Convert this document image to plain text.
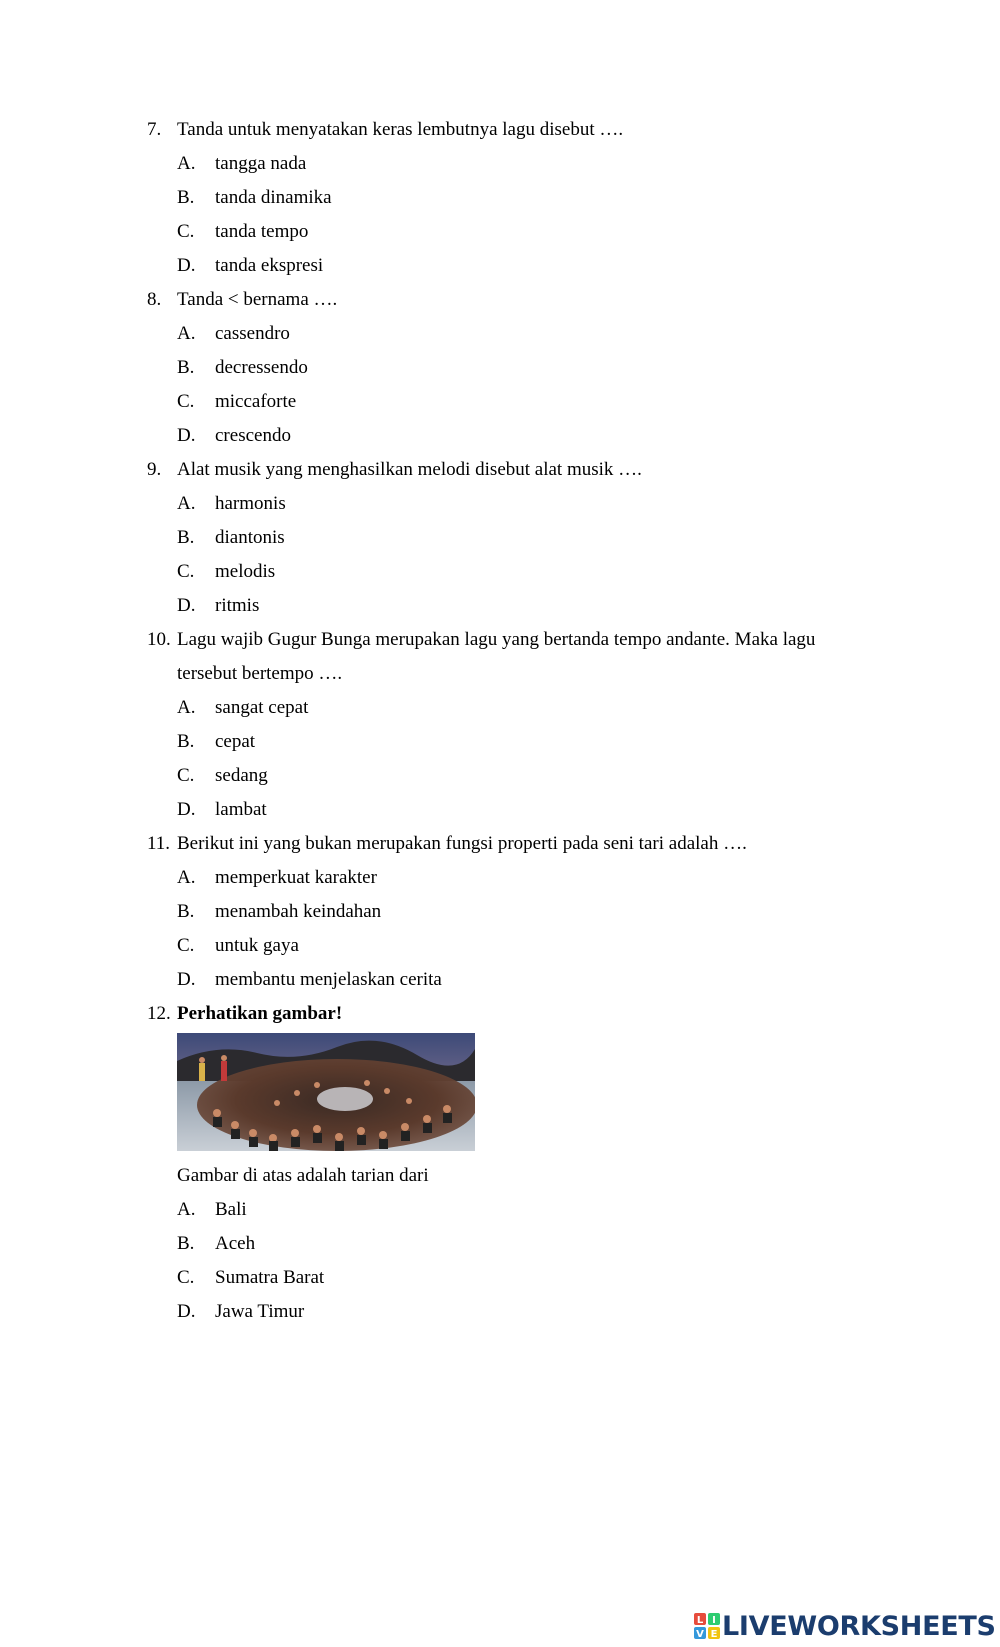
7. Tanda untuk menyatakan keras lembutnya lagu disebut ….
A. tangga nada
B. tanda dinamika
C. tanda tempo
D. tanda ekspresi
8. Tanda < bernama ….
A. cassendro
B. decressendo
C. miccaforte
D. crescendo
9. Alat musik yang menghasilkan melodi disebut alat musik ….
A. harmonis
B. diantonis
C. melodis
D. ritmis
10. Lagu wajib Gugur Bunga merupakan lagu yang bertanda tempo andante. Maka lagu
tersebut bertempo ….
A. sangat cepat
B. cepat
C. sedang
D. lambat
11. Berikut ini yang bukan merupakan fungsi properti pada seni tari adalah ….
A. memperkuat karakter
B. menambah keindahan
C. untuk gaya
D. membantu menjelaskan cerita
12. Perhatikan gambar!
Gambar di atas adalah tarian dari
A. Bali
B. Aceh
C. Sumatra Barat
D. Jawa Timur
L I
V E LIVEWORKSHEETS
